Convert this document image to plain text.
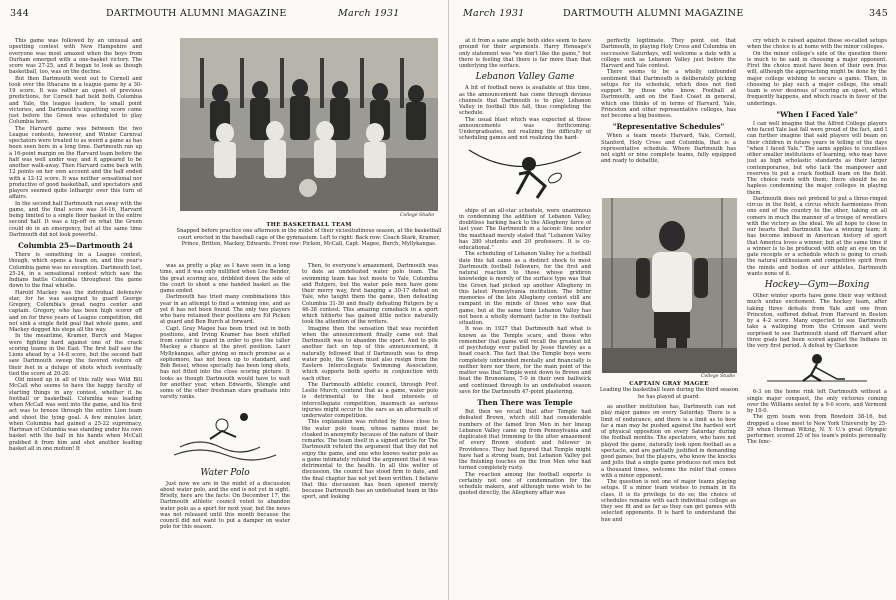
344	DARTMOUTH ALUMNI MAGAZINE	March 1931

This game was followed by an unusual and upsetting contest with New Hampshire and everyone was most amazed when the boys from Durham emerged with a one-basket victory. The score was 27-25, and it began to look as though basketball, too, was on the decline.

But then Dartmouth went out to Cornell and took over the Ithacans in a league game by a 30-19 score. It was rather an upset of previous predictions, for Cornell had held both Columbia and Yale, the league leaders, to small point victories, and Dartmouth's upsetting score came just before the Green was scheduled to play Columbia here.

The Harvard game was between the two League contests, however, and Winter Carnival spectators were treated to as weird a game as has been seen here in a long time. Dartmouth ran up a 16-point margin on the Harvard team before the half was well under way, and it appeared to be another walk-away. Then Harvard came back with 12 points on her own account and the half ended with a 12-12 score. It was neither sensational nor productive of good basketball, and spectators and players seemed quite lethargic over this turn of affairs.

In the second half Dartmouth ran away with the game, and the final score was 34-16, Harvard being limited to a single floor basket in the entire second half. It was a tip-off on what the Green could do in an emergency, but at the same time Dartmouth did not look powerful.

Columbia 25—Dartmouth 24

There is something in a League contest, though, which opens a team on, and this year's Columbia game was no exception. Dartmouth lost, 25-24, in a sensational contest which saw the Indians battle Columbia throughout the game down to the final whistle.

Harold Mackey was the individual defensive star, for he was assigned to guard George Gregory, Columbia's great negro center and captain. Gregory, who has been high scorer off and on for three years of League competition, did not sink a single field goal that whole game, and Mackey dogged his steps all the way.

In the meantime, Kramer, Burch and Magee were fighting hard against one of the crack scoring teams in the East. The first half saw the Lions ahead by a 14-8 score, but the second half saw Dartmouth sweep the favored visitors off their feet in a deluge of shots which eventually tied the score at 20-20.

Old mixed up in all of this rally was Wild Bill McCall who seems to have the happy faculty of starting things in any contest, whether it be football or basketball. Columbia was leading when McCall was sent into the game, and his first act was to breeze through the entire Lion team and shoot the tying goal. A few minutes later, when Columbia had gained a 25-22 supremacy, Hartman of Columbia was standing under his own basket with the ball in his hands when McCall grabbed it from him and shot another leading basket all in one motion! It

College Studio
THE BASKETBALL TEAM
Snapped before practice one afternoon in the midst of their vicissitudinous season, at the basketball court erected in the baseball cage of the gymnasium. Left to right: Back row: Coach Stark, Kramer, Prince, Britten, Mackey, Edwards. Front row: Picken, McCall, Capt. Magee, Burch, Myllykangas.

was as pretty a play as I have seen in a long time, and it was only nullified when Lou Bender, the great scoring ace, dribbled down the side of the court to shoot a one handed basket as the game ended.

Dartmouth has tried many combinations this year in an attempt to find a winning one, and as yet it has not been found. The only two players who have retained their positions are Ed Picken at guard and Ben Burch at forward.

Capt. Gray Magee has been tried out in both positions, and Irving Kramer has been shifted from center to guard in order to give the taller Mackey a chance at the pivot position. Lauri Myllykangas, after giving so much promise as a sophomore, has not been up to standard, and Bob Beisel, whose specialty has been long shots, has not fitted into the close scoring picture. It looks as though Dartmouth would have to wait for another year, when Edwards, Stengle and some of the other freshman stars graduate into varsity ranks.

Water Polo

Just now we are in the midst of a discussion about water polo, and the end is not yet in sight. Briefly, here are the facts: On December 17, the Dartmouth athletic council voted to abandon water polo as a sport for next year, but the news was not released until this month because the council did not want to put a damper on water polo for this season.

Then, to everyone's amazement, Dartmouth was to date an undefeated water polo team. The swimming team has lost meets to Yale, Columbia and Rutgers, but the water polo men have gone their merry way, first hanging a 30-17 defeat on Yale, who taught them the game, then defeating Columbia 31-30 and finally defeating Rutgers by a 46-38 contest. This amazing comeback in a sport which hitherto has gained little notice naturally took the attention of the writers.

Imagine then the sensation that was recorded when the announcement finally came out that Dartmouth was to abandon the sport. And to pile another fact on top of this announcement, it naturally followed that if Dartmouth was to drop water polo, the Green must also resign from the Eastern Intercollegiate Swimming Association, which supports both sports in conjunction with each other.

The Dartmouth athletic council, through Prof. Leslie Murch, contend that as a game, water polo is detrimental to the best interests of intercollegiate competition, inasmuch as serious injuries might occur to the ears as an aftermath of underwater competition.

This explanation was refuted by those close to the water polo team, whose names must be cloaked in anonymity because of the nature of their remarks. The team itself in a signed article for The Dartmouth refuted the argument that they did not enjoy the game, and one who knows water polo as a game intimately refuted the argument that it was detrimental to the health. In all this welter of discussion, the council has stood firm to date, and the final chapter has not yet been written. I believe that this discussion has been opened merely because Dartmouth has an undefeated team in this sport, and looking

March 1931	DARTMOUTH ALUMNI MAGAZINE	345

at it from a sane angle both sides seem to have ground for their arguments. Harry Heneage's only statement was "we don't like the game," but there is feeling that there is far more than that underlying the surface.

Lebanon Valley Game

A bit of football news is available at this time, as the announcement has come through devious channels that Dartmouth is to play Lebanon Valley in football this fall, thus completing the schedule.

The usual blast which was expected at these announcements was forthcoming. Undergraduates, not realizing the difficulty of scheduling games and not realizing the hard-

ships of an all-star schedule, were unanimous in condemning the addition of Lebanon Valley, doubtless harking back to the Allegheny farce of last year. The Dartmouth in a laconic line under the masthead merely stated that "Lebanon Valley has 380 students and 20 professors. It is co-educational."

The scheduling of Lebanon Valley for a football date this fall came as a distinct shock to most Dartmouth football followers, for the first and natural reaction to those whose gridiron knowledge is merely of the surface type was that the Green had picked up another Allegheny in this latest Pennsylvania institution. The bitter memories of the late Allegheny contest still are rampant in the minds of those who saw that game, but at the same time Lebanon Valley has not been a wholly dormant factor in the football situation.

It was in 1927 that Dartmouth had what is known as the Temple scare, and those who remember that game will recall the greatest bit of psychology ever pulled by Jesse Hawley as a head coach. The fact that the Temple boys were completely unbranded mentally and financially is neither here nor there, for the main point of the matter was that Temple went down to Brown and beat the Brunonians, 7-0 in their own bailiwick and continued through to an undefeated season save for the Dartmouth 47-point plastering.

Then There was Temple

But then we recall that after Temple had defeated Brown, which still had considerable numbers of the famed Iron Men in her lineup Lebanon Valley came up from Pennsylvania and duplicated that trimming to the utter amazement of every Brown student and follower in Providence. They had figured that Temple might have had a strong team, but Lebanon Valley put the finishing touches on the Iron Men who had turned completely rusty.

The reaction among the football experts is certainly not one of condemnation for the schedule makers, and although none wish to be quoted directly, the Allegheny affair was

perfectly legitimate. They point out that Dartmouth, in playing Holy Cross and Columbia on successive Saturdays, will welcome a date with a college such as Lebanon Valley just before the Harvard and Yale contest.

There seems to be a wholly unfounded sentiment that Dartmouth is deliberately picking setups for its schedule, which does not find support by those who know. Football at Dartmouth, and on the East Coast in general, which one thinks of in terms of Harvard, Yale, Princeton and other representative colleges, has not become a big business.

"Representative Schedules"

When a team meets Harvard, Yale, Cornell, Stanford, Holy Cross and Columbia, that is a representative schedule. Where Dartmouth has not eight or nine complete teams, fully equipped and ready to debattle,

College Studio
CAPTAIN GRAY MAGEE
Leading the basketball team during the third season he has played at guard.

as another institution has, Dartmouth can not play major games on every Saturday. There is a limit of endurance, and there is a limit as to how far a man may be pushed against the hardest sort of physical opposition on every Saturday during the football months. The spectators, who have not played the game, naturally look upon football as a spectacle, and are partially justified in demanding good games, but the players, who know the knocks and jolts that a single game produces not once but a thousand times, welcome the relief that comes with a minor opponent.

The question is not one of major teams playing setups. If a minor team wishes to remain in its class, it is its privilege to do so; the choice of schedules remains with each individual college as they see fit and as far as they can get games with selected opponents. It is hard to understand the hue and

cry which is raised against these so-called setups when the choice is at home with the minor colleges.

On the minor college's side of the question there is much to be said in choosing a major opponent. First the choice must have been of their own free will, although the approaching might be done by the major college wishing to secure a game. Then, in choosing to play such a major college, the small team is ever desirous of scoring an upset, which frequently happens, and which reacts in favor of the underlings.

"When I Faced Yale"

I can well imagine that the Alfred College players who faced Yale last fall were proud of the fact, and I can further imagine that said players will beam on their children in future years in telling of the days "when I faced Yale." The same applies to countless other smaller institutions of learning, who may have just as high scholastic standards as their larger contemporaries, but who lack the manpower and reserves to put a crack football team on the field. The choice rests with them; there should be no hapless condemning the major colleges in playing them.

Dartmouth does not pretend to put a three-ringed circus in the field, a circus which harmonizes from one end of the country to the other, taking on all comers in much the manner of a troupe of wrestlers with the victory as the ideal. We all hope to close in our hearts that Dartmouth has a winning team; it has become imbued in American history of sport that America loves a winner, but at the same time if a winner is to be produced with only an eye on the gate receipts or a schedule which is going to crush the natural enthusiasm and competitive spirit from the minds and bodies of our athletes, Dartmouth wants none of it.

Hockey—Gym—Boxing

Other winter sports have gone their way without much undue excitement. The hockey team, after taking three defeats from Yale and one from Princeton, suffered defeat from Harvard in Boston by a 4-2 score. Many expected to see Dartmouth take a walloping from the Crimson and were surprised to see Dartmouth stand off Harvard after three goals had been scored against the Indians in the very first period. A defeat by Clarkson

6-3 on the home rink left Dartmouth without a single major conquest, the only victories coming over the Williams sextet by a 9-0 score, and Vermont by 10-0.

The gym team won from Bowdoin 38-16, but dropped a close meet to New York University by 25-29 when Herman Witzig, N. Y. U.'s great Olympic performer, scored 25 of his team's points personally. The fenc-
